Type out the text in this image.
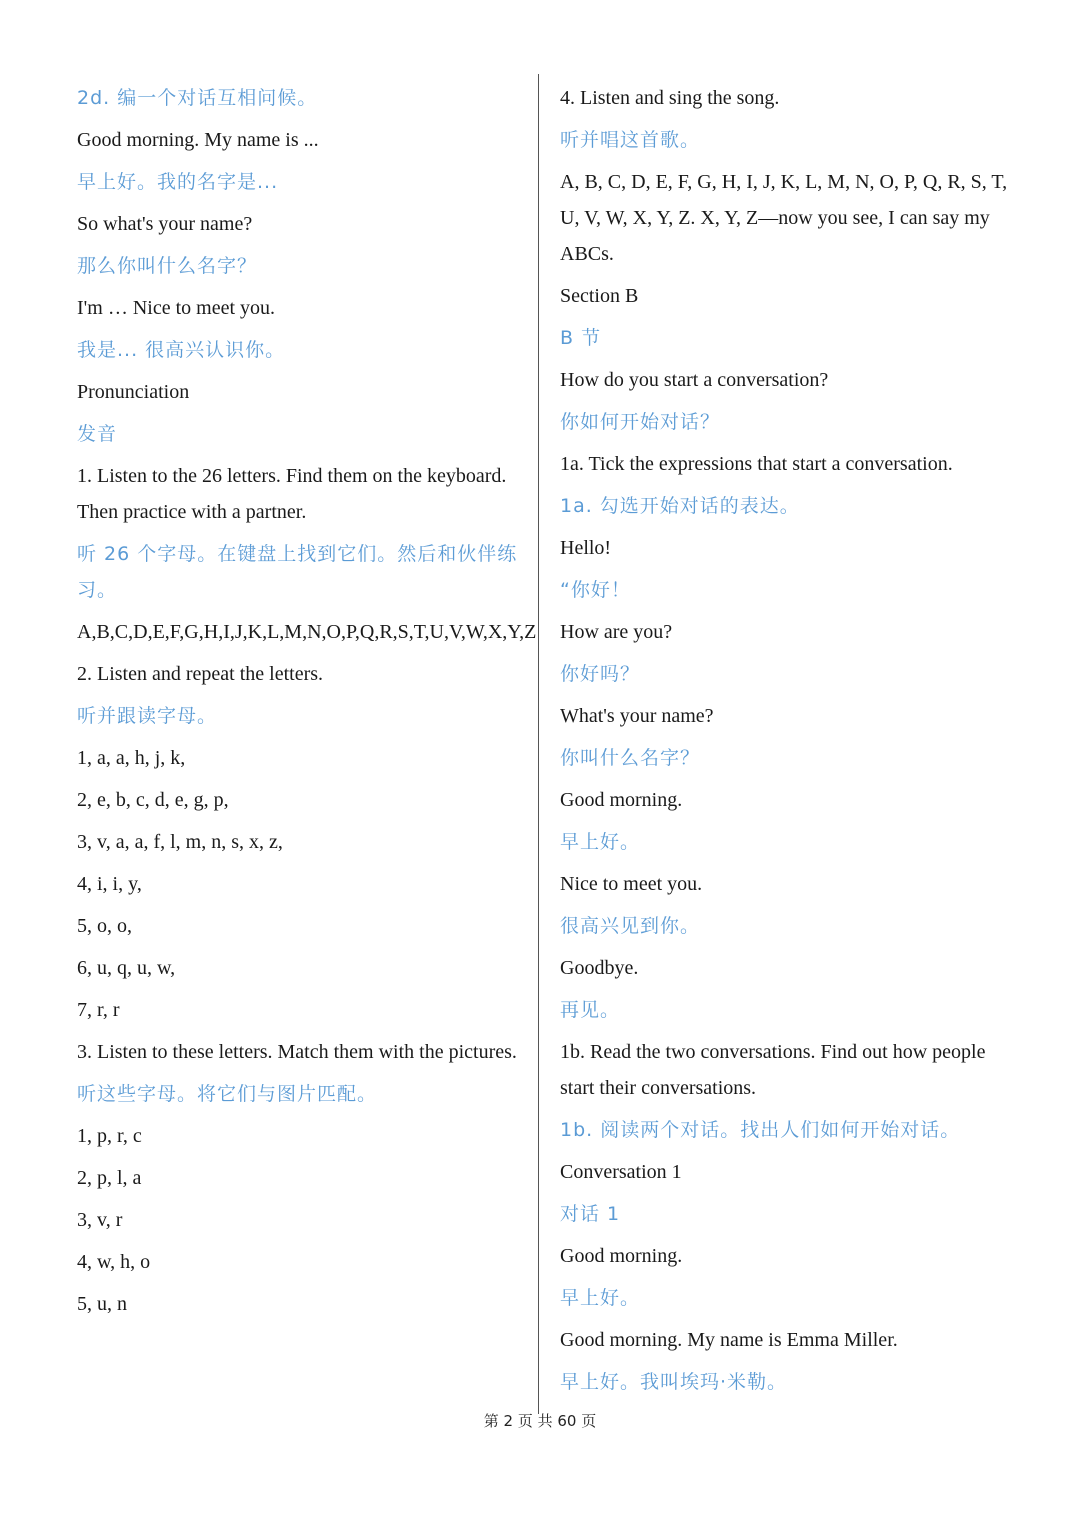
2d. 编一个对话互相问候。
Good morning. My name is ...
早上好。我的名字是...
So what's your name?
那么你叫什么名字？
I'm … Nice to meet you.
我是... 很高兴认识你。
Pronunciation
发音
1. Listen to the 26 letters. Find them on the keyboard. Then practice with a partner.
听 26 个字母。在键盘上找到它们。然后和伙伴练习。
A,B,C,D,E,F,G,H,I,J,K,L,M,N,O,P,Q,R,S,T,U,V,W,X,Y,Z
2. Listen and repeat the letters.
听并跟读字母。
1, a, a, h, j, k,
2, e, b, c, d, e, g, p,
3, v, a, a, f, l, m, n, s, x, z,
4, i, i, y,
5, o, o,
6, u, q, u, w,
7, r, r
3. Listen to these letters. Match them with the pictures.
听这些字母。将它们与图片匹配。
1, p, r, c
2, p, l, a
3, v, r
4, w, h, o
5, u, n
4. Listen and sing the song.
听并唱这首歌。
A, B, C, D, E, F, G, H, I, J, K, L, M, N, O, P, Q, R, S, T, U, V, W, X, Y, Z. X, Y, Z—now you see, I can say my ABCs.
Section B
B 节
How do you start a conversation?
你如何开始对话？
1a. Tick the expressions that start a conversation.
1a. 勾选开始对话的表达。
Hello!
“你好！
How are you?
你好吗？
What's your name?
你叫什么名字？
Good morning.
早上好。
Nice to meet you.
很高兴见到你。
Goodbye.
再见。
1b. Read the two conversations. Find out how people start their conversations.
1b. 阅读两个对话。找出人们如何开始对话。
Conversation 1
对话 1
Good morning.
早上好。
Good morning. My name is Emma Miller.
早上好。我叫埃玛·米勒。
第 2 页 共 60 页
